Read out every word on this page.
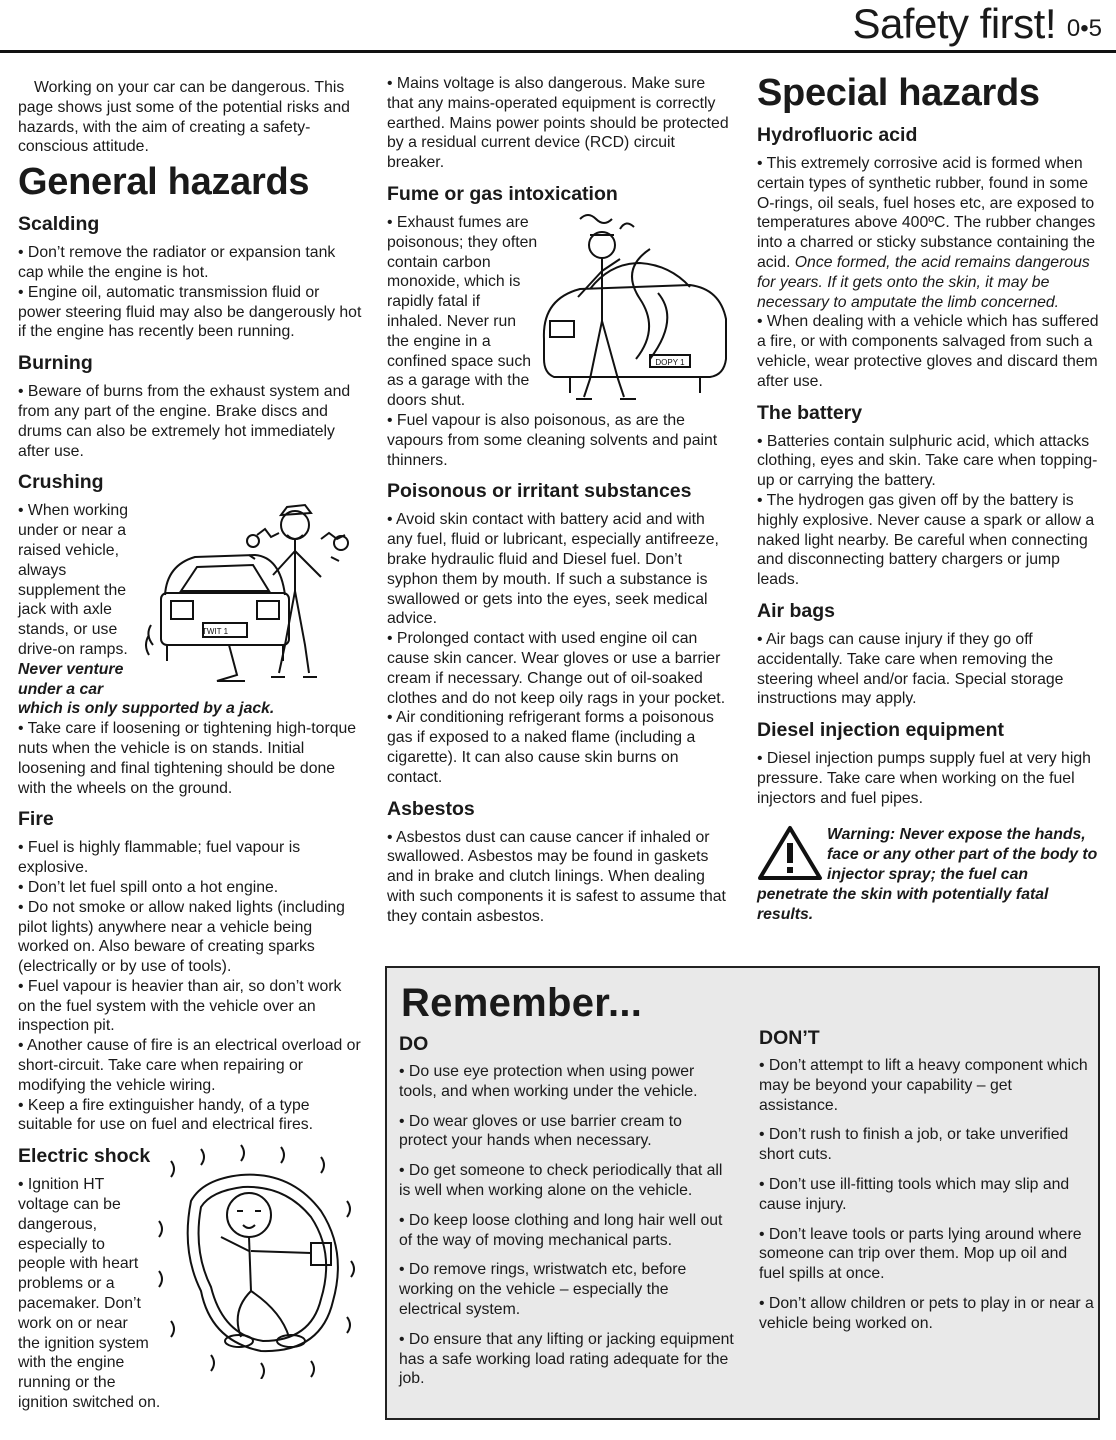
Safety first! 0•5

Working on your car can be dangerous. This page shows just some of the potential risks and hazards, with the aim of creating a safety-conscious attitude.

General hazards
Scalding

• Don’t remove the radiator or expansion tank cap while the engine is hot.

• Engine oil, automatic transmission fluid or power steering fluid may also be dangerously hot if the engine has recently been running.

Burning

• Beware of burns from the exhaust system and from any part of the engine. Brake discs and drums can also be extremely hot immediately after use.

Crushing
TWIT 1

• When working under or near a raised vehicle, always supplement the jack with axle stands, or use drive-on ramps.

Never venture under a car which is only supported by a jack.

• Take care if loosening or tightening high-torque nuts when the vehicle is on stands. Initial loosening and final tightening should be done with the wheels on the ground.

Fire

• Fuel is highly flammable; fuel vapour is explosive.

• Don’t let fuel spill onto a hot engine.

• Do not smoke or allow naked lights (including pilot lights) anywhere near a vehicle being worked on. Also beware of creating sparks

(electrically or by use of tools).

• Fuel vapour is heavier than air, so don’t work on the fuel system with the vehicle over an inspection pit.

• Another cause of fire is an electrical overload or short-circuit. Take care when repairing or modifying the vehicle wiring.

• Keep a fire extinguisher handy, of a type suitable for use on fuel and electrical fires.

Electric shock

• Ignition HT voltage can be dangerous, especially to people with heart problems or a pacemaker. Don’t work on or near the ignition system with the engine running or the ignition switched on.

• Mains voltage is also dangerous. Make sure that any mains-operated equipment is correctly earthed. Mains power points should be protected by a residual current device (RCD) circuit breaker.

Fume or gas intoxication
DOPY 1

• Exhaust fumes are poisonous; they often contain carbon monoxide, which is rapidly fatal if inhaled. Never run the engine in a confined space such as a garage with the doors shut.

• Fuel vapour is also poisonous, as are the vapours from some cleaning solvents and paint thinners.

Poisonous or irritant substances

• Avoid skin contact with battery acid and with any fuel, fluid or lubricant, especially antifreeze, brake hydraulic fluid and Diesel fuel. Don’t syphon them by mouth. If such a substance is swallowed or gets into the eyes, seek medical advice.

• Prolonged contact with used engine oil can cause skin cancer. Wear gloves or use a barrier cream if necessary. Change out of oil-soaked clothes and do not keep oily rags in your pocket.

• Air conditioning refrigerant forms a poisonous gas if exposed to a naked flame (including a cigarette). It can also cause skin burns on contact.

Asbestos

• Asbestos dust can cause cancer if inhaled or swallowed. Asbestos may be found in gaskets and in brake and clutch linings. When dealing with such components it is safest to assume that they contain asbestos.

Special hazards
Hydrofluoric acid

• This extremely corrosive acid is formed when certain types of synthetic rubber, found in some O-rings, oil seals, fuel hoses etc, are exposed to temperatures above 400ºC. The rubber changes into a charred or sticky substance containing the acid. Once formed, the acid remains dangerous for years. If it gets onto the skin, it may be necessary to amputate the limb concerned.

• When dealing with a vehicle which has suffered a fire, or with components salvaged from such a vehicle, wear protective gloves and discard them after use.

The battery

• Batteries contain sulphuric acid, which attacks clothing, eyes and skin. Take care when topping-up or carrying the battery.

• The hydrogen gas given off by the battery is highly explosive. Never cause a spark or allow a naked light nearby. Be careful when connecting and disconnecting battery chargers or jump leads.

Air bags

• Air bags can cause injury if they go off accidentally. Take care when removing the steering wheel and/or facia. Special storage instructions may apply.

Diesel injection equipment

• Diesel injection pumps supply fuel at very high pressure. Take care when working on the fuel injectors and fuel pipes.

Warning: Never expose the hands, face or any other part of the body to injector spray; the fuel can penetrate the skin with potentially fatal results.
Remember...
DO

• Do use eye protection when using power tools, and when working under the vehicle.

• Do wear gloves or use barrier cream to protect your hands when necessary.

• Do get someone to check periodically that all is well when working alone on the vehicle.

• Do keep loose clothing and long hair well out of the way of moving mechanical parts.

• Do remove rings, wristwatch etc, before working on the vehicle – especially the electrical system.

• Do ensure that any lifting or jacking equipment has a safe working load rating adequate for the job.

DON’T

• Don’t attempt to lift a heavy component which may be beyond your capability – get assistance.

• Don’t rush to finish a job, or take unverified short cuts.

• Don’t use ill-fitting tools which may slip and cause injury.

• Don’t leave tools or parts lying around where someone can trip over them. Mop up oil and fuel spills at once.

• Don’t allow children or pets to play in or near a vehicle being worked on.
